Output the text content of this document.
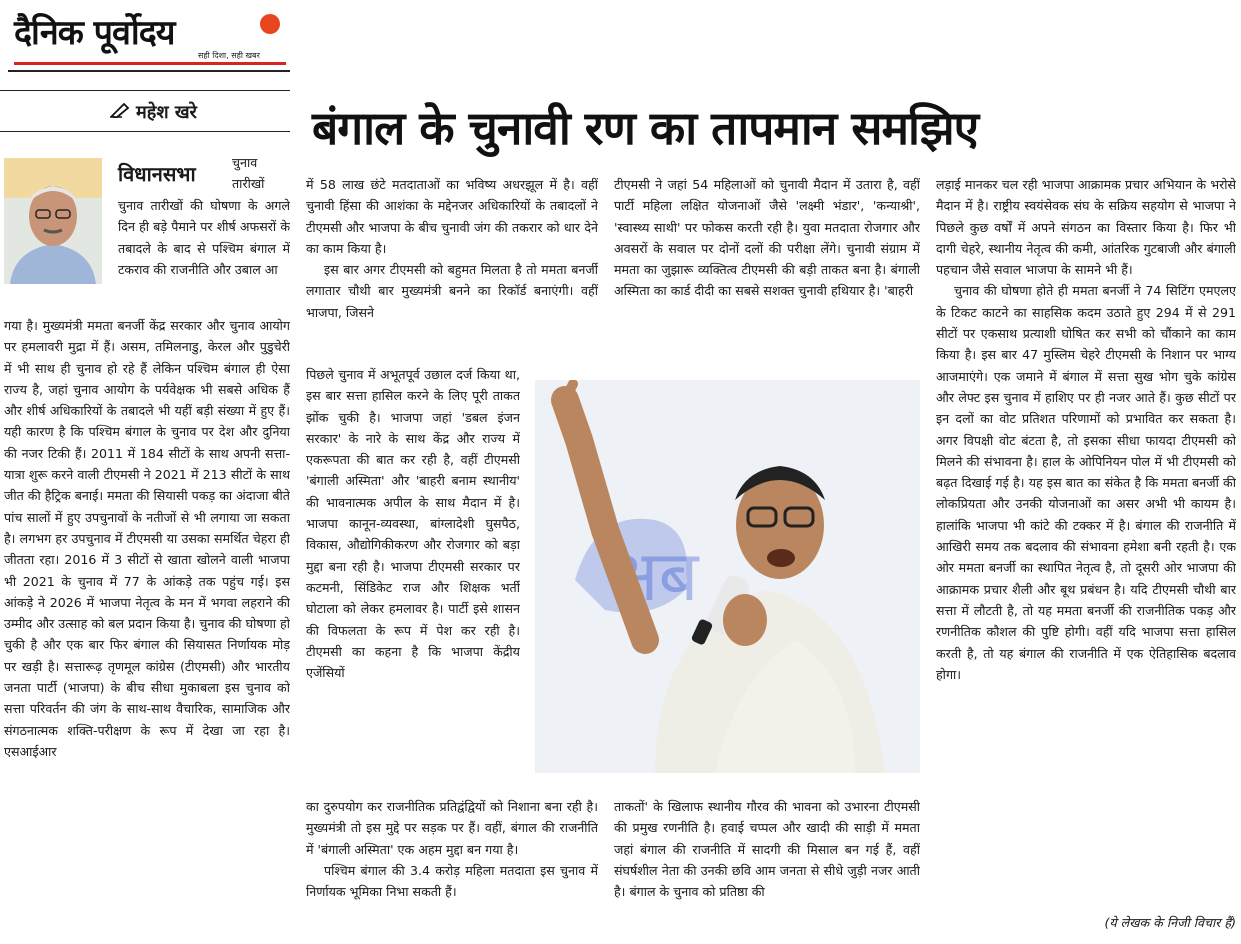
दैनिक पूर्वोदय
सही दिशा, सही खबर
महेश खरे	बंगाल के चुनावी रण का तापमान समझिए
विधानसभा	चुनाव
तारीखों

चुनाव तारीखों की घोषणा के अगले दिन ही बड़े पैमाने पर शीर्ष अफसरों के तबादले के बाद से पश्चिम बंगाल में टकराव की राजनीति और उबाल आ

गया है। मुख्यमंत्री ममता बनर्जी केंद्र सरकार और चुनाव आयोग पर हमलावरी मुद्रा में हैं। असम, तमिलनाडु, केरल और पुडुचेरी में भी साथ ही चुनाव हो रहे हैं लेकिन पश्चिम बंगाल ही ऐसा राज्य है, जहां चुनाव आयोग के पर्यवेक्षक भी सबसे अधिक हैं और शीर्ष अधिकारियों के तबादले भी यहीं बड़ी संख्या में हुए हैं। यही कारण है कि पश्चिम बंगाल के चुनाव पर देश और दुनिया की नजर टिकी हैं। 2011 में 184 सीटों के साथ अपनी सत्ता-यात्रा शुरू करने वाली टीएमसी ने 2021 में 213 सीटों के साथ जीत की हैट्रिक बनाई। ममता की सियासी पकड़ का अंदाजा बीते पांच सालों में हुए उपचुनावों के नतीजों से भी लगाया जा सकता है। लगभग हर उपचुनाव में टीएमसी या उसका समर्थित चेहरा ही जीतता रहा। 2016 में 3 सीटों से खाता खोलने वाली भाजपा भी 2021 के चुनाव में 77 के आंकड़े तक पहुंच गई। इस आंकड़े ने 2026 में भाजपा नेतृत्व के मन में भगवा लहराने की उम्मीद और उत्साह को बल प्रदान किया है। चुनाव की घोषणा हो चुकी है और एक बार फिर बंगाल की सियासत निर्णायक मोड़ पर खड़ी है। सत्तारूढ़ तृणमूल कांग्रेस (टीएमसी) और भारतीय जनता पार्टी (भाजपा) के बीच सीधा मुकाबला इस चुनाव को सत्ता परिवर्तन की जंग के साथ-साथ वैचारिक, सामाजिक और संगठनात्मक शक्ति-परीक्षण के रूप में देखा जा रहा है। एसआईआर

में 58 लाख छंटे मतदाताओं का भविष्य अधरझूल में है। वहीं चुनावी हिंसा की आशंका के मद्देनजर अधिकारियों के तबादलों ने टीएमसी और भाजपा के बीच चुनावी जंग की तकरार को धार देने का काम किया है।

इस बार अगर टीएमसी को बहुमत मिलता है तो ममता बनर्जी लगातार चौथी बार मुख्यमंत्री बनने का रिकॉर्ड बनाएंगी। वहीं भाजपा, जिसने

पिछले चुनाव में अभूतपूर्व उछाल दर्ज किया था, इस बार सत्ता हासिल करने के लिए पूरी ताकत झोंक चुकी है। भाजपा जहां 'डबल इंजन सरकार' के नारे के साथ केंद्र और राज्य में एकरूपता की बात कर रही है, वहीं टीएमसी 'बंगाली अस्मिता' और 'बाहरी बनाम स्थानीय' की भावनात्मक अपील के साथ मैदान में है। भाजपा कानून-व्यवस्था, बांग्लादेशी घुसपैठ, विकास, औद्योगिकीकरण और रोजगार को बड़ा मुद्दा बना रही है। भाजपा टीएमसी सरकार पर कटमनी, सिंडिकेट राज और शिक्षक भर्ती घोटाला को लेकर हमलावर है। पार्टी इसे शासन की विफलता के रूप में पेश कर रही है। टीएमसी का कहना है कि भाजपा केंद्रीय एजेंसियों

का दुरुपयोग कर राजनीतिक प्रतिद्वंद्वियों को निशाना बना रही है। मुख्यमंत्री तो इस मुद्दे पर सड़क पर हैं। वहीं, बंगाल की राजनीति में 'बंगाली अस्मिता' एक अहम मुद्दा बन गया है।

पश्चिम बंगाल की 3.4 करोड़ महिला मतदाता इस चुनाव में निर्णायक भूमिका निभा सकती हैं।

टीएमसी ने जहां 54 महिलाओं को चुनावी मैदान में उतारा है, वहीं पार्टी महिला लक्षित योजनाओं जैसे 'लक्ष्मी भंडार', 'कन्याश्री', 'स्वास्थ्य साथी' पर फोकस करती रही है। युवा मतदाता रोजगार और अवसरों के सवाल पर दोनों दलों की परीक्षा लेंगे। चुनावी संग्राम में ममता का जुझारू व्यक्तित्व टीएमसी की बड़ी ताकत बना है। बंगाली अस्मिता का कार्ड दीदी का सबसे सशक्त चुनावी हथियार है। 'बाहरी

अब

ताकतों' के खिलाफ स्थानीय गौरव की भावना को उभारना टीएमसी की प्रमुख रणनीति है। हवाई चप्पल और खादी की साड़ी में ममता जहां बंगाल की राजनीति में सादगी की मिसाल बन गई हैं, वहीं संघर्षशील नेता की उनकी छवि आम जनता से सीधे जुड़ी नजर आती है। बंगाल के चुनाव को प्रतिष्ठा की

लड़ाई मानकर चल रही भाजपा आक्रामक प्रचार अभियान के भरोसे मैदान में है। राष्ट्रीय स्वयंसेवक संघ के सक्रिय सहयोग से भाजपा ने पिछले कुछ वर्षों में अपने संगठन का विस्तार किया है। फिर भी दागी चेहरे, स्थानीय नेतृत्व की कमी, आंतरिक गुटबाजी और बंगाली पहचान जैसे सवाल भाजपा के सामने भी हैं।

चुनाव की घोषणा होते ही ममता बनर्जी ने 74 सिटिंग एमएलए के टिकट काटने का साहसिक कदम उठाते हुए 294 में से 291 सीटों पर एकसाथ प्रत्याशी घोषित कर सभी को चौंकाने का काम किया है। इस बार 47 मुस्लिम चेहरे टीएमसी के निशान पर भाग्य आजमाएंगे। एक जमाने में बंगाल में सत्ता सुख भोग चुके कांग्रेस और लेफ्ट इस चुनाव में हाशिए पर ही नजर आते हैं। कुछ सीटों पर इन दलों का वोट प्रतिशत परिणामों को प्रभावित कर सकता है। अगर विपक्षी वोट बंटता है, तो इसका सीधा फायदा टीएमसी को मिलने की संभावना है। हाल के ओपिनियन पोल में भी टीएमसी को बढ़त दिखाई गई है। यह इस बात का संकेत है कि ममता बनर्जी की लोकप्रियता और उनकी योजनाओं का असर अभी भी कायम है। हालांकि भाजपा भी कांटे की टक्कर में है। बंगाल की राजनीति में आखिरी समय तक बदलाव की संभावना हमेशा बनी रहती है। एक ओर ममता बनर्जी का स्थापित नेतृत्व है, तो दूसरी ओर भाजपा की आक्रामक प्रचार शैली और बूथ प्रबंधन है। यदि टीएमसी चौथी बार सत्ता में लौटती है, तो यह ममता बनर्जी की राजनीतिक पकड़ और रणनीतिक कौशल की पुष्टि होगी। वहीं यदि भाजपा सत्ता हासिल करती है, तो यह बंगाल की राजनीति में एक ऐतिहासिक बदलाव होगा।

(ये लेखक के निजी विचार हैं)
